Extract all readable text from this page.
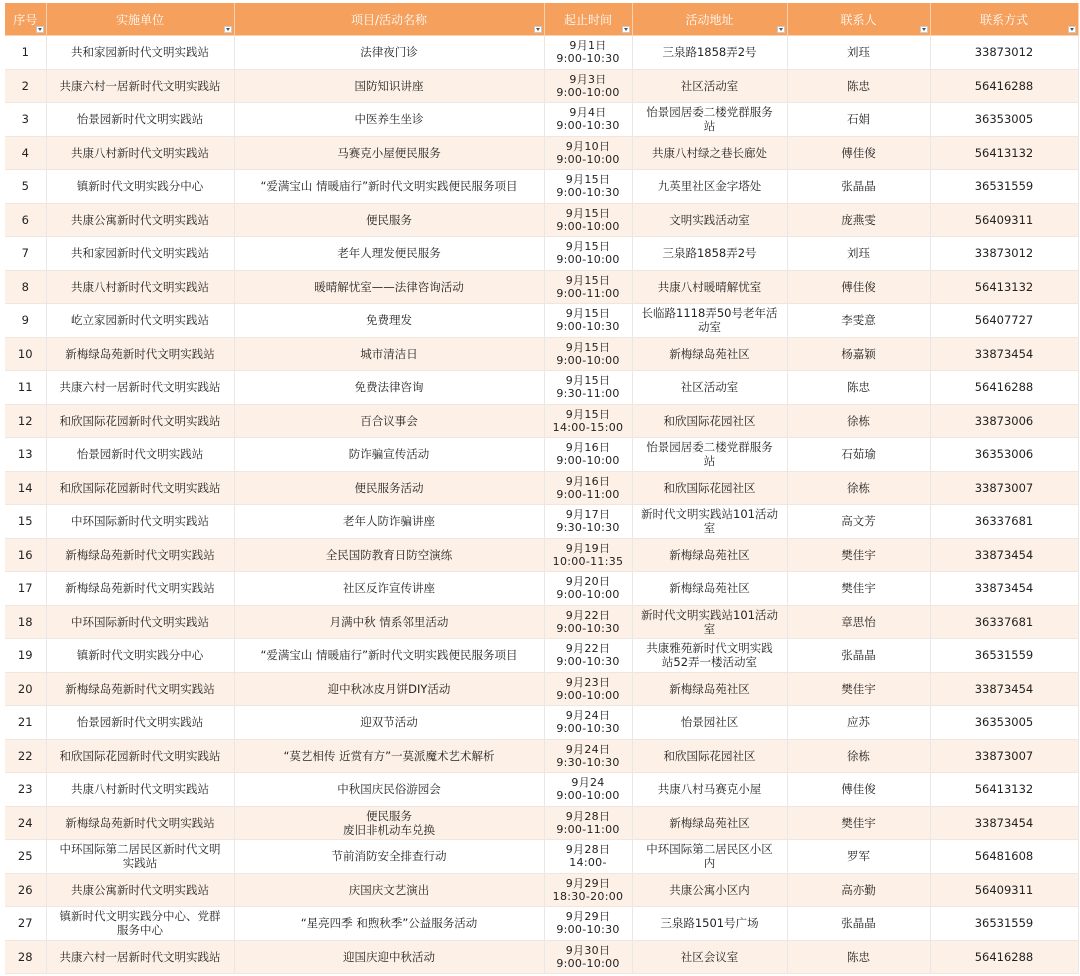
序号	实施单位	项目/活动名称	起止时间	活动地址	联系人	联系方式

1	共和家园新时代文明实践站	法律夜门诊	9月1日
9:00-10:30	三泉路1858弄2号	刘珏	33873012
2	共康六村一居新时代文明实践站	国防知识讲座	9月3日
9:00-10:00	社区活动室	陈忠	56416288
3	怡景园新时代文明实践站	中医养生坐诊	9月4日
9:00-10:30	怡景园居委二楼党群服务
站	石娟	36353005
4	共康八村新时代文明实践站	马赛克小屋便民服务	9月10日
9:00-10:00	共康八村绿之巷长廊处	傅佳俊	56413132
5	镇新时代文明实践分中心	“爱满宝山 情暖庙行”新时代文明实践便民服务项目	9月15日
9:00-10:30	九英里社区金字塔处	张晶晶	36531559
6	共康公寓新时代文明实践站	便民服务	9月15日
9:00-10:00	文明实践活动室	庞燕雯	56409311
7	共和家园新时代文明实践站	老年人理发便民服务	9月15日
9:00-10:00	三泉路1858弄2号	刘珏	33873012
8	共康八村新时代文明实践站	暖晴解忧室——法律咨询活动	9月15日
9:00-11:00	共康八村暖晴解忧室	傅佳俊	56413132
9	屹立家园新时代文明实践站	免费理发	9月15日
9:00-10:30	长临路1118弄50号老年活
动室	李雯意	56407727
10	新梅绿岛苑新时代文明实践站	城市清洁日	9月15日
9:00-10:00	新梅绿岛苑社区	杨嘉颖	33873454
11	共康六村一居新时代文明实践站	免费法律咨询	9月15日
9:30-11:00	社区活动室	陈忠	56416288
12	和欣国际花园新时代文明实践站	百合议事会	9月15日
14:00-15:00	和欣国际花园社区	徐栋	33873006
13	怡景园新时代文明实践站	防诈骗宣传活动	9月16日
9:00-10:00	怡景园居委二楼党群服务
站	石茹瑜	36353006
14	和欣国际花园新时代文明实践站	便民服务活动	9月16日
9:00-11:00	和欣国际花园社区	徐栋	33873007
15	中环国际新时代文明实践站	老年人防诈骗讲座	9月17日
9:30-10:30	新时代文明实践站101活动
室	高文芳	36337681
16	新梅绿岛苑新时代文明实践站	全民国防教育日防空演练	9月19日
10:00-11:35	新梅绿岛苑社区	樊佳宇	33873454
17	新梅绿岛苑新时代文明实践站	社区反诈宣传讲座	9月20日
9:00-10:00	新梅绿岛苑社区	樊佳宇	33873454
18	中环国际新时代文明实践站	月满中秋 情系邻里活动	9月22日
9:00-10:30	新时代文明实践站101活动
室	章思怡	36337681
19	镇新时代文明实践分中心	“爱满宝山 情暖庙行”新时代文明实践便民服务项目	9月22日
9:00-10:30	共康雅苑新时代文明实践
站52弄一楼活动室	张晶晶	36531559
20	新梅绿岛苑新时代文明实践站	迎中秋冰皮月饼DIY活动	9月23日
9:00-10:00	新梅绿岛苑社区	樊佳宇	33873454
21	怡景园新时代文明实践站	迎双节活动	9月24日
9:00-10:30	怡景园社区	应苏	36353005
22	和欣国际花园新时代文明实践站	“莫艺相传 近赏有方”一莫派魔术艺术解析	9月24日
9:30-10:30	和欣国际花园社区	徐栋	33873007
23	共康八村新时代文明实践站	中秋国庆民俗游园会	9月24
9:00-10:00	共康八村马赛克小屋	傅佳俊	56413132
24	新梅绿岛苑新时代文明实践站	便民服务
废旧非机动车兑换	9月28日
9:00-11:00	新梅绿岛苑社区	樊佳宇	33873454
25	中环国际第二居民区新时代文明
实践站	节前消防安全排查行动	9月28日
14:00-	中环国际第二居民区小区
内	罗军	56481608
26	共康公寓新时代文明实践站	庆国庆文艺演出	9月29日
18:30-20:00	共康公寓小区内	高亦勤	56409311
27	镇新时代文明实践分中心、党群
服务中心	“星亮四季 和煦秋季”公益服务活动	9月29日
9:00-10:30	三泉路1501号广场	张晶晶	36531559
28	共康六村一居新时代文明实践站	迎国庆迎中秋活动	9月30日
9:00-10:00	社区会议室	陈忠	56416288
